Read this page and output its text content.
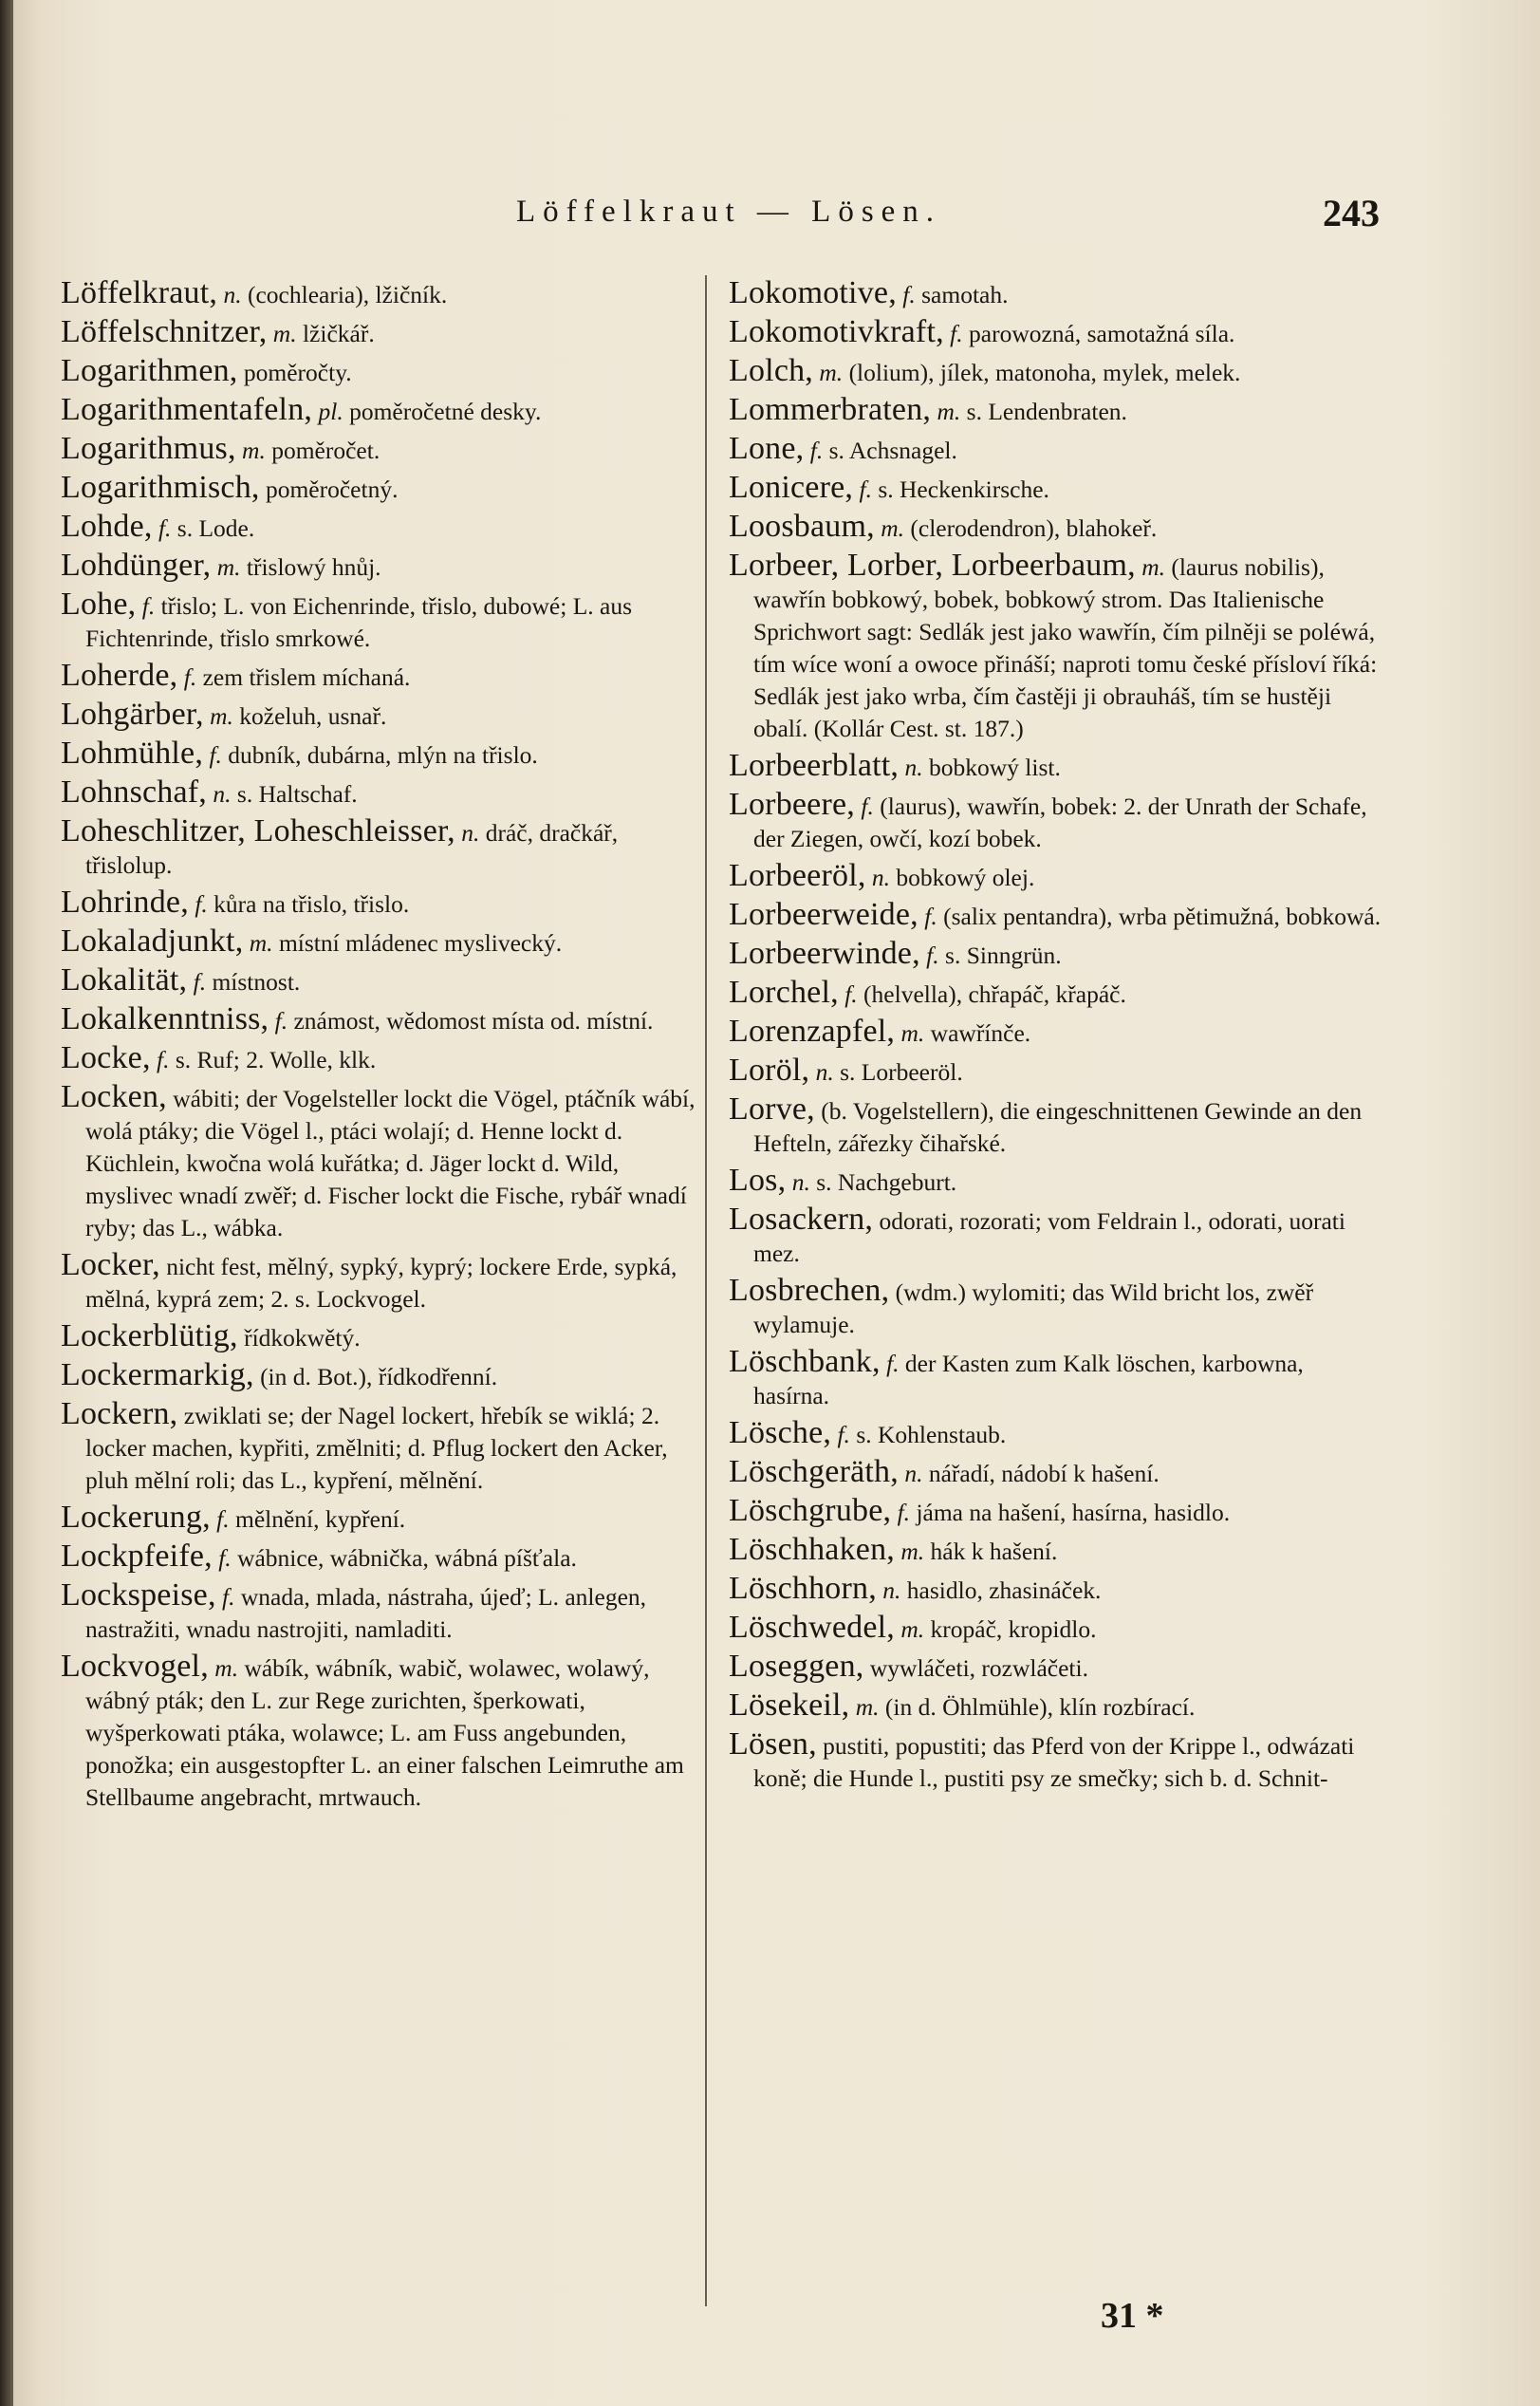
Löffelkraut — Lösen.	243
Löffelkraut, n. (cochlearia), lžičník.
Löffelschnitzer, m. lžičkář.
Logarithmen, poměročty.
Logarithmentafeln, pl. poměročetné desky.
Logarithmus, m. poměročet.
Logarithmisch, poměročetný.
Lohde, f. s. Lode.
Lohdünger, m. třislowý hnůj.
Lohe, f. třislo; L. von Eichenrinde, třislo, dubowé; L. aus Fichtenrinde, třislo smrkowé.
Loherde, f. zem třislem míchaná.
Lohgärber, m. koželuh, usnař.
Lohmühle, f. dubník, dubárna, mlýn na třislo.
Lohnschaf, n. s. Haltschaf.
Loheschlitzer, Loheschleisser, n. dráč, dračkář, třislolup.
Lohrinde, f. kůra na třislo, třislo.
Lokaladjunkt, m. místní mládenec myslivecký.
Lokalität, f. místnost.
Lokalkenntniss, f. známost, wědomost místa od. místní.
Locke, f. s. Ruf; 2. Wolle, klk.
Locken, wábiti; der Vogelsteller lockt die Vögel, ptáčník wábí, wolá ptáky; die Vögel l., ptáci wolají; d. Henne lockt d. Küchlein, kwočna wolá kuřátka; d. Jäger lockt d. Wild, myslivec wnadí zwěř; d. Fischer lockt die Fische, rybář wnadí ryby; das L., wábka.
Locker, nicht fest, mělný, sypký, kyprý; lockere Erde, sypká, mělná, kyprá zem; 2. s. Lockvogel.
Lockerblütig, řídkokwětý.
Lockermarkig, (in d. Bot.), řídkodřenní.
Lockern, zwiklati se; der Nagel lockert, hřebík se wiklá; 2. locker machen, kypřiti, změlniti; d. Pflug lockert den Acker, pluh mělní roli; das L., kypření, mělnění.
Lockerung, f. mělnění, kypření.
Lockpfeife, f. wábnice, wábnička, wábná píšťala.
Lockspeise, f. wnada, mlada, nástraha, újeď; L. anlegen, nastražiti, wnadu nastrojiti, namladiti.
Lockvogel, m. wábík, wábník, wabič, wolawec, wolawý, wábný pták; den L. zur Rege zurichten, šperkowati, wyšperkowati ptáka, wolawce; L. am Fuss angebunden, ponožka; ein ausgestopfter L. an einer falschen Leimruthe am Stellbaume angebracht, mrtwauch.
Lokomotive, f. samotah.
Lokomotivkraft, f. parowozná, samotažná síla.
Lolch, m. (lolium), jílek, matonoha, mylek, melek.
Lommerbraten, m. s. Lendenbraten.
Lone, f. s. Achsnagel.
Lonicere, f. s. Heckenkirsche.
Loosbaum, m. (clerodendron), blahokeř.
Lorbeer, Lorber, Lorbeerbaum, m. (laurus nobilis), wawřín bobkowý, bobek, bobkowý strom. Das Italienische Sprichwort sagt: Sedlák jest jako wawřín, čím pilněji se poléwá, tím wíce woní a owoce přináší; naproti tomu české přísloví říká: Sedlák jest jako wrba, čím častěji ji obrauháš, tím se hustěji obalí. (Kollár Cest. st. 187.)
Lorbeerblatt, n. bobkowý list.
Lorbeere, f. (laurus), wawřín, bobek: 2. der Unrath der Schafe, der Ziegen, owčí, kozí bobek.
Lorbeeröl, n. bobkowý olej.
Lorbeerweide, f. (salix pentandra), wrba pětimužná, bobkowá.
Lorbeerwinde, f. s. Sinngrün.
Lorchel, f. (helvella), chřapáč, křapáč.
Lorenzapfel, m. wawřínče.
Loröl, n. s. Lorbeeröl.
Lorve, (b. Vogelstellern), die eingeschnittenen Gewinde an den Hefteln, zářezky čihařské.
Los, n. s. Nachgeburt.
Losackern, odorati, rozorati; vom Feldrain l., odorati, uorati mez.
Losbrechen, (wdm.) wylomiti; das Wild bricht los, zwěř wylamuje.
Löschbank, f. der Kasten zum Kalk löschen, karbowna, hasírna.
Lösche, f. s. Kohlenstaub.
Löschgeräth, n. nářadí, nádobí k hašení.
Löschgrube, f. jáma na hašení, hasírna, hasidlo.
Löschhaken, m. hák k hašení.
Löschhorn, n. hasidlo, zhasináček.
Löschwedel, m. kropáč, kropidlo.
Loseggen, wywláčeti, rozwláčeti.
Lösekeil, m. (in d. Öhlmühle), klín rozbírací.
Lösen, pustiti, popustiti; das Pferd von der Krippe l., odwázati koně; die Hunde l., pustiti psy ze smečky; sich b. d. Schnit-
31 *
